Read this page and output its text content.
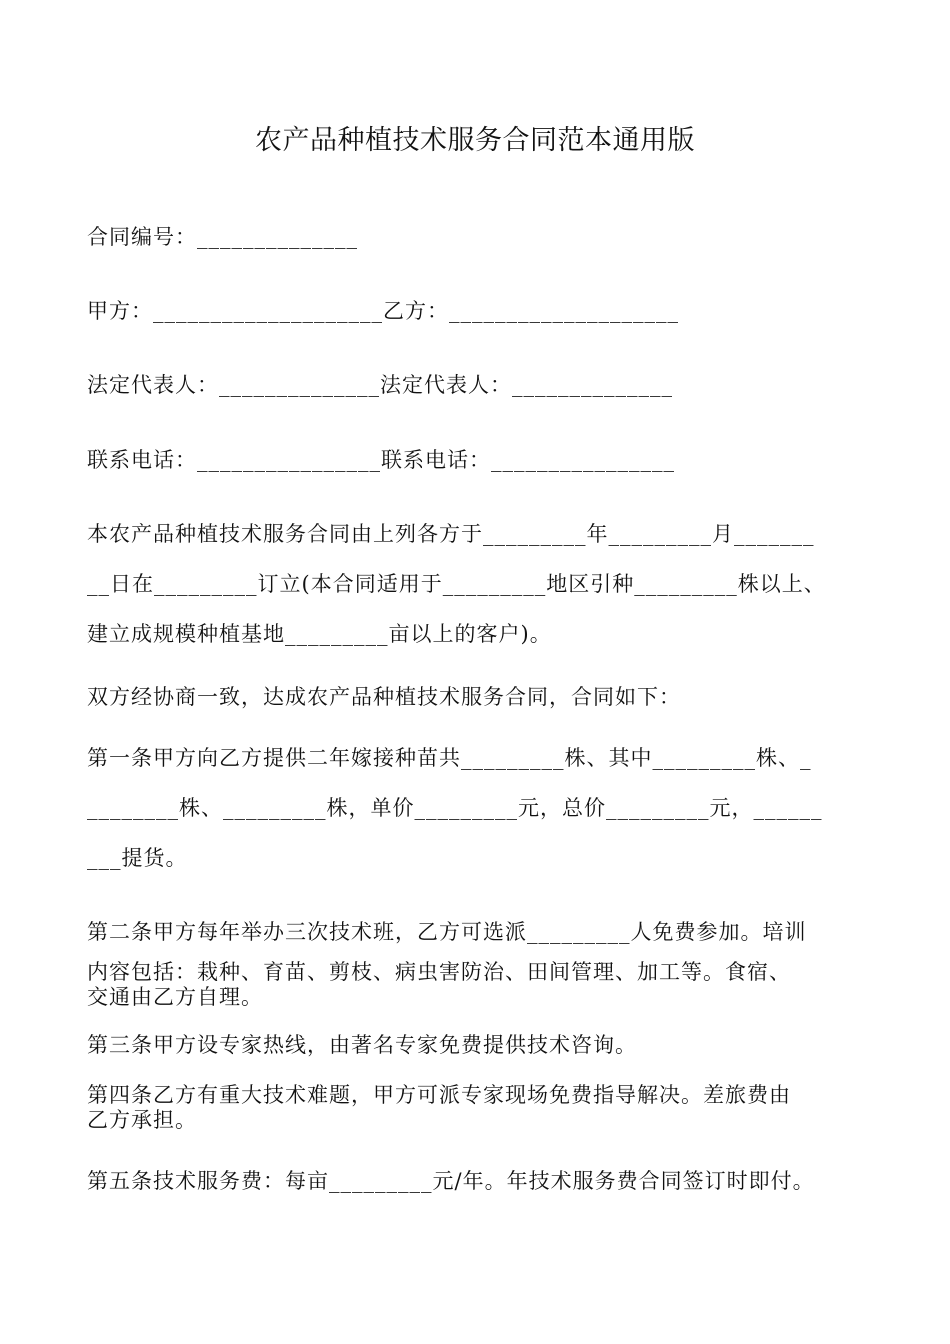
农产品种植技术服务合同范本通用版
合同编号：______________
甲方：____________________乙方：____________________
法定代表人：______________法定代表人：______________
联系电话：________________联系电话：________________
本农产品种植技术服务合同由上列各方于_________年_________月_______
__日在_________订立(本合同适用于_________地区引种_________株以上、
建立成规模种植基地_________亩以上的客户)。
双方经协商一致，达成农产品种植技术服务合同，合同如下：
第一条甲方向乙方提供二年嫁接种苗共_________株、其中_________株、_
________株、_________株，单价_________元，总价_________元，______
___提货。
第二条甲方每年举办三次技术班，乙方可选派_________人免费参加。培训
内容包括：栽种、育苗、剪枝、病虫害防治、田间管理、加工等。食宿、
交通由乙方自理。
第三条甲方设专家热线，由著名专家免费提供技术咨询。
第四条乙方有重大技术难题，甲方可派专家现场免费指导解决。差旅费由
乙方承担。
第五条技术服务费：每亩_________元/年。年技术服务费合同签订时即付。
